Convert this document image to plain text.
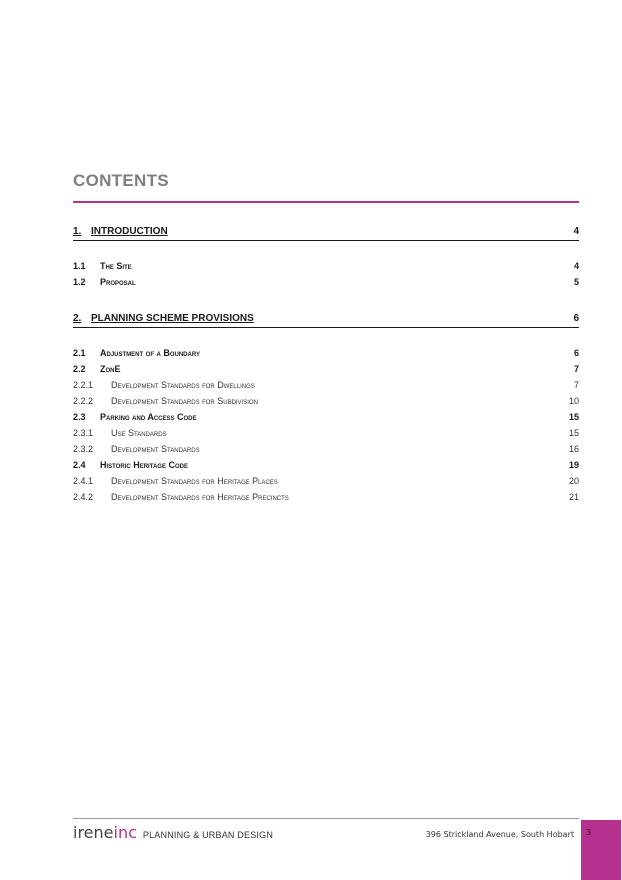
CONTENTS
1. INTRODUCTION	4
1.1	The Site	4
1.2	Proposal	5
2. PLANNING SCHEME PROVISIONS	6
2.1	Adjustment of a Boundary	6
2.2	ZonE	7
2.2.1	Development Standards for Dwellings	7
2.2.2	Development Standards for Subdivision	10
2.3	Parking and Access Code	15
2.3.1	Use Standards	15
2.3.2	Development Standards	16
2.4	Historic Heritage Code	19
2.4.1	Development Standards for Heritage Places	20
2.4.2	Development Standards for Heritage Precincts	21
irene inc PLANNING & URBAN DESIGN	396 Strickland Avenue, South Hobart 3
